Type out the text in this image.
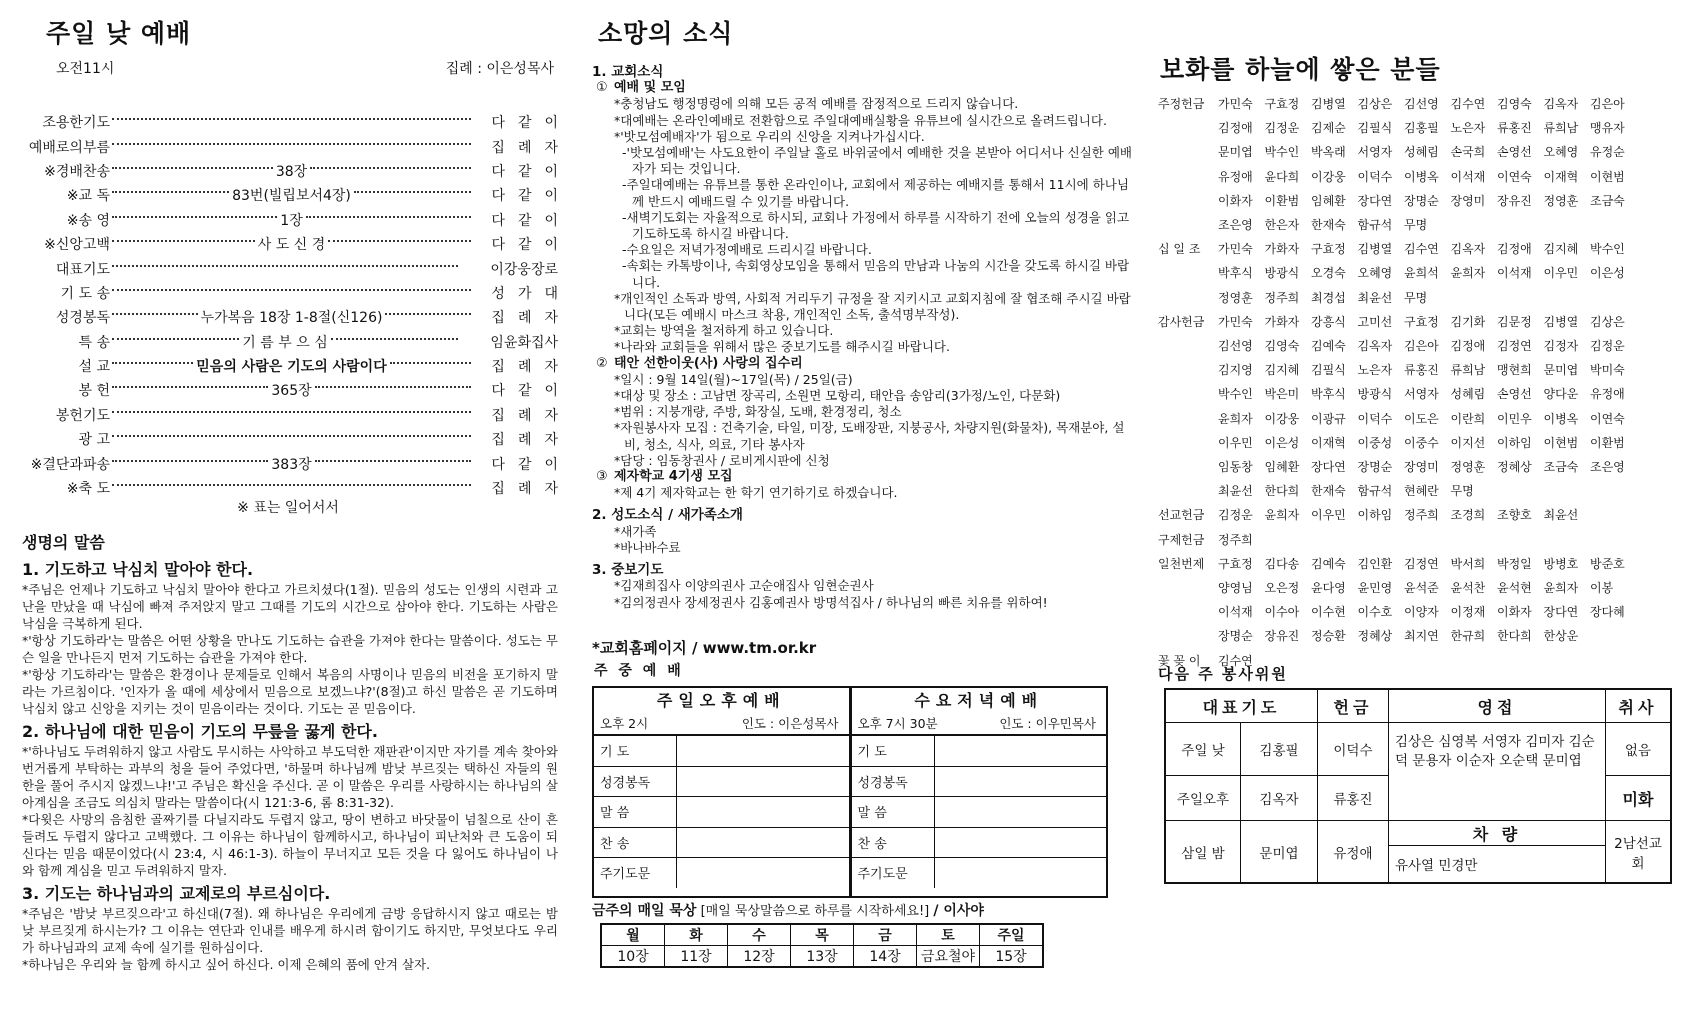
주일 낮 예배
오전11시	집례 : 이은성목사
조용한기도	다같이
예배로의부름	집례자
※경배찬송	38장	다같이
※교 독	83번(빌립보서4장)	다같이
※송 영	1장	다같이
※신앙고백	사 도 신 경	다같이
대표기도	이강웅장로
기 도 송	성가대
성경봉독	누가복음 18장 1-8절(신126)	집례자
특 송	기 름 부 으 심	임윤화집사
설 교	믿음의 사람은 기도의 사람이다	집례자
봉 헌	365장	다같이
봉헌기도	집례자
광 고	집례자
※결단과파송	383장	다같이
※축 도	집례자
※ 표는 일어서서
생명의 말씀
1. 기도하고 낙심치 말아야 한다.

*주님은 언제나 기도하고 낙심치 말아야 한다고 가르치셨다(1절). 믿음의 성도는 인생의 시련과 고난을 만났을 때 낙심에 빠져 주저앉지 말고 그때를 기도의 시간으로 삼아야 한다. 기도하는 사람은 낙심을 극복하게 된다.

*'항상 기도하라'는 말씀은 어떤 상황을 만나도 기도하는 습관을 가져야 한다는 말씀이다. 성도는 무슨 일을 만나든지 먼저 기도하는 습관을 가져야 한다.

*'항상 기도하라'는 말씀은 환경이나 문제들로 인해서 복음의 사명이나 믿음의 비전을 포기하지 말라는 가르침이다. '인자가 올 때에 세상에서 믿음으로 보겠느냐?'(8절)고 하신 말씀은 곧 기도하며 낙심치 않고 신앙을 지키는 것이 믿음이라는 것이다. 기도는 곧 믿음이다.

2. 하나님에 대한 믿음이 기도의 무릎을 꿇게 한다.

*'하나님도 두려워하지 않고 사람도 무시하는 사악하고 부도덕한 재판관'이지만 자기를 계속 찾아와 번거롭게 부탁하는 과부의 청을 들어 주었다면, '하물며 하나님께 밤낮 부르짖는 택하신 자들의 원한을 풀어 주시지 않겠느냐!'고 주님은 확신을 주신다. 곧 이 말씀은 우리를 사랑하시는 하나님의 살아계심을 조금도 의심치 말라는 말씀이다(시 121:3-6, 롬 8:31-32).

*다윗은 사망의 음침한 골짜기를 다닐지라도 두렵지 않고, 땅이 변하고 바닷물이 넘칠으로 산이 흔들려도 두렵지 않다고 고백했다. 그 이유는 하나님이 함께하시고, 하나님이 피난처와 큰 도움이 되신다는 믿음 때문이었다(시 23:4, 시 46:1-3). 하늘이 무너지고 모든 것을 다 잃어도 하나님이 나와 함께 계심을 믿고 두려워하지 말자.

3. 기도는 하나님과의 교제로의 부르심이다.

*주님은 '밤낮 부르짖으라'고 하신대(7절). 왜 하나님은 우리에게 금방 응답하시지 않고 때로는 밤낮 부르짖게 하시는가? 그 이유는 연단과 인내를 배우게 하시려 함이기도 하지만, 무엇보다도 우리가 하나님과의 교제 속에 실기를 원하심이다.

*하나님은 우리와 늘 함께 하시고 싶어 하신다. 이제 은혜의 품에 안겨 살자.

소망의 소식
1. 교회소식
① 예배 및 모임
*충청남도 행정명령에 의해 모든 공적 예배를 잠정적으로 드리지 않습니다.
*대예배는 온라인예배로 전환함으로 주일대예배실황을 유튜브에 실시간으로 올려드립니다.
*'밧모섬예배자'가 됨으로 우리의 신앙을 지켜나가십시다.
-'밧모섬예배'는 사도요한이 주일날 홀로 바위굴에서 예배한 것을 본받아 어디서나 신실한 예배자가 되는 것입니다.
-주일대예배는 유튜브를 통한 온라인이나, 교회에서 제공하는 예배지를 통해서 11시에 하나님께 반드시 예배드릴 수 있기를 바랍니다.
-새벽기도회는 자율적으로 하시되, 교회나 가정에서 하루를 시작하기 전에 오늘의 성경을 읽고 기도하도록 하시길 바랍니다.
-수요일은 저녁가정예배로 드리시길 바랍니다.
-속회는 카톡방이나, 속회영상모임을 통해서 믿음의 만남과 나눔의 시간을 갖도록 하시길 바랍니다.
*개인적인 소독과 방역, 사회적 거리두기 규정을 잘 지키시고 교회지침에 잘 협조해 주시길 바랍니다(모든 예배시 마스크 착용, 개인적인 소독, 출석명부작성).
*교회는 방역을 철저하게 하고 있습니다.
*나라와 교회들을 위해서 많은 중보기도를 해주시길 바랍니다.
② 태안 선한이웃(사) 사랑의 집수리
*일시 : 9월 14일(월)~17일(목) / 25일(금)
*대상 및 장소 : 고남면 장곡리, 소원면 모항리, 태안읍 송암리(3가정/노인, 다문화)
*범위 : 지붕개량, 주방, 화장실, 도배, 환경정리, 청소
*자원봉사자 모집 : 건축기술, 타일, 미장, 도배장판, 지붕공사, 차량지원(화물차), 목재분야, 설비, 청소, 식사, 의료, 기타 봉사자
*담당 : 임동창권사 / 로비게시판에 신청
③ 제자학교 4기생 모집
*제 4기 제자학교는 한 학기 연기하기로 하겠습니다.
2. 성도소식 / 새가족소개
*새가족
*바나바수료
3. 중보기도
*김재희집사 이양의권사 고순애집사 임현순권사
*김의정권사 장세정권사 김홍예권사 방명석집사 / 하나님의 빠른 치유를 위하여!
*교회홈페이지 / www.tm.or.kr
주 중 예 배
주일오후예배
오후 2시	인도 : 이은성목사
기 도	
성경봉독	
말 씀	
찬 송	
주기도문	
수요저녁예배
오후 7시 30분	인도 : 이우민목사
기 도	
성경봉독	
말 씀	
찬 송	
주기도문	
금주의 매일 묵상 [매일 묵상말씀으로 하루를 시작하세요!] / 이사야
월	화	수	목	금	토	주일
10장	11장	12장	13장	14장	금요철야	15장
보화를 하늘에 쌓은 분들
주정헌금	가민숙 구효정 김병열 김상은 김선영 김수연 김영숙 김옥자 김은아
김정애 김정운 김제순 김필식 김홍필 노은자 류홍진 류희남 맹유자
문미엽 박수인 박옥래 서영자 성혜림 손국희 손영선 오혜영 유정순
유정애 윤다희 이강웅 이덕수 이병옥 이석재 이연숙 이재혁 이현범
이화자 이환범 임혜환 장다연 장명순 장영미 장유진 정영훈 조금숙
조은영 한은자 한재숙 함규석 무명
십 일 조	가민숙 가화자 구효정 김병열 김수연 김옥자 김정애 김지혜 박수인
박후식 방광식 오경숙 오혜영 윤희석 윤희자 이석재 이우민 이은성
정영훈 정주희 최경섭 최윤선 무명
감사헌금	가민숙 가화자 강흥식 고미선 구효정 김기화 김문정 김병열 김상은
김선영 김영숙 김예숙 김옥자 김은아 김정애 김정연 김정자 김정운
김지영 김지혜 김필식 노은자 류홍진 류희남 맹현희 문미엽 박미숙
박수인 박은미 박후식 방광식 서영자 성혜림 손영선 양다운 유정애
윤희자 이강웅 이광규 이덕수 이도은 이란희 이민우 이병옥 이연숙
이우민 이은성 이재혁 이중성 이중수 이지선 이하임 이현범 이환범
임동창 임혜환 장다연 장명순 장영미 정영훈 정혜상 조금숙 조은영
최윤선 한다희 한재숙 함규석 현혜란 무명
선교헌금	김정운 윤희자 이우민 이하임 정주희 조경희 조향호 최윤선
구제헌금	정주희
일천번제	구효정 김다송 김예숙 김인환 김정연 박서희 박정일 방병호 방준호
양영님 오은정 윤다영 윤민영 윤석준 윤석찬 윤석현 윤희자 이봉
이석재 이수아 이수현 이수호 이양자 이정재 이화자 장다연 장다혜
장명순 장유진 정승환 정혜상 최지연 한규희 한다희 한상운
꽃 꽂 이	김수연
다음 주 봉사위원
대표기도		헌금	영접	취사
주일 낮	김홍필	이덕수	김상은 심영복 서영자 김미자 김순덕 문용자 이순자 오순택 문미엽	없음
주일오후	김옥자	류홍진		미화
삼일 밤	문미엽	유정애	차 량	2남선교회
			유사열 민경만	
